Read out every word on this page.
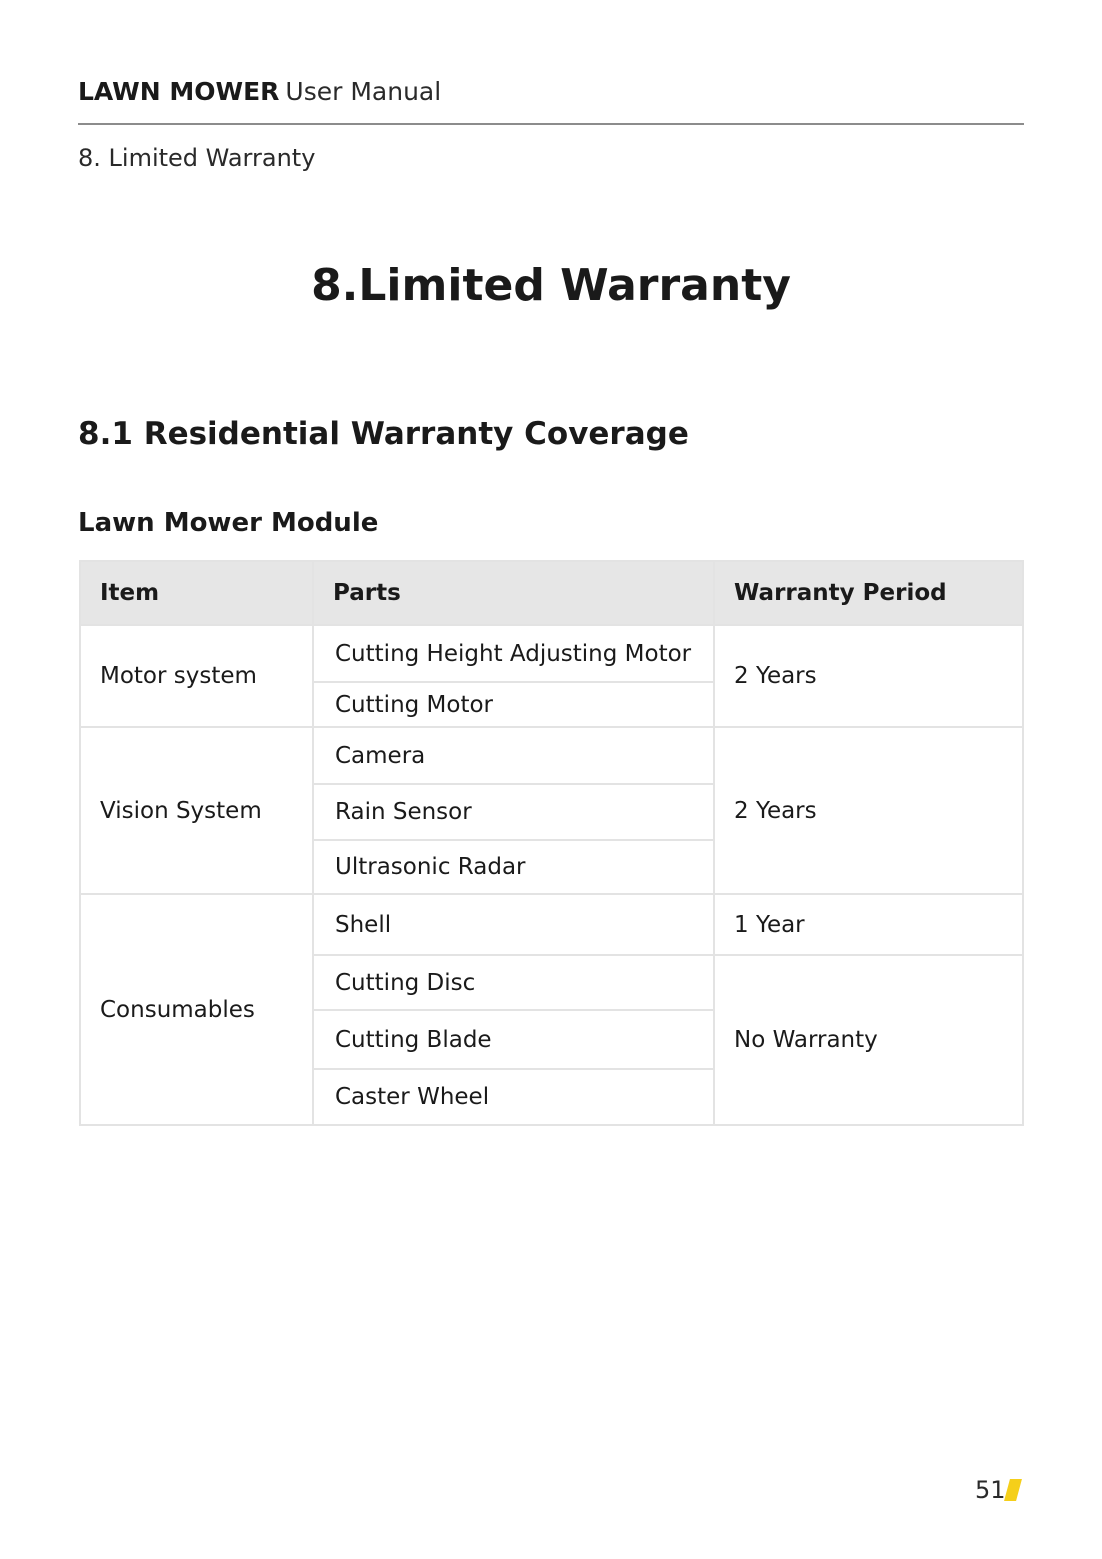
LAWN MOWER User Manual
8. Limited Warranty
8.Limited Warranty
8.1 Residential Warranty Coverage
Lawn Mower Module
Item	Parts	Warranty Period
Motor system	Cutting Height Adjusting Motor	2 Years
	Cutting Motor	
Vision System	Camera	2 Years
	Rain Sensor	
	Ultrasonic Radar	
Consumables	Shell	1 Year
	Cutting Disc	No Warranty
	Cutting Blade	
	Caster Wheel	
51
